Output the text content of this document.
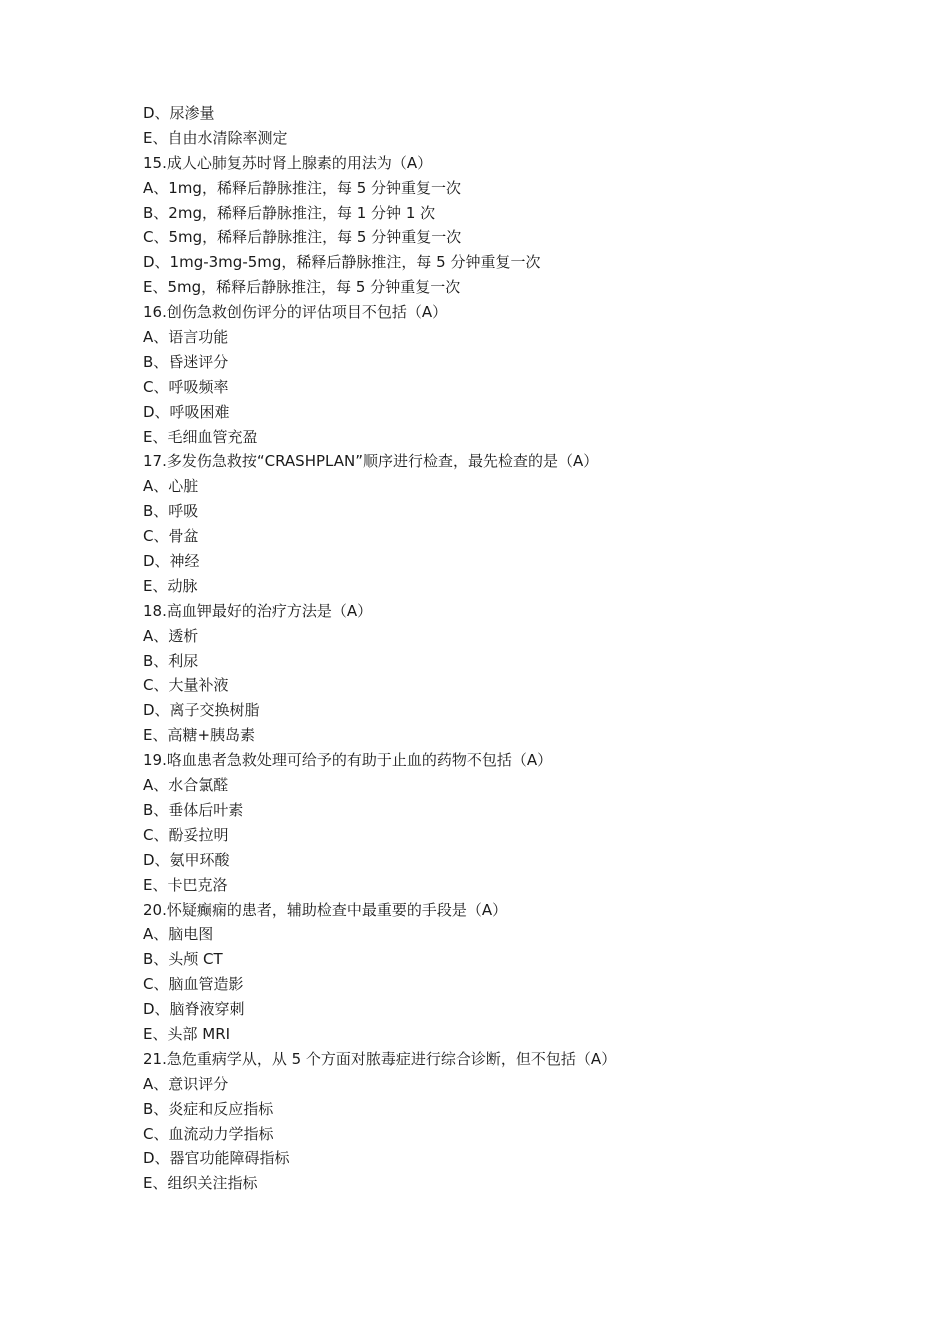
D、尿渗量
E、自由水清除率测定
15.成人心肺复苏时肾上腺素的用法为（A）
A、1mg，稀释后静脉推注，每 5 分钟重复一次
B、2mg，稀释后静脉推注，每 1 分钟 1 次
C、5mg，稀释后静脉推注，每 5 分钟重复一次
D、1mg-3mg-5mg，稀释后静脉推注，每 5 分钟重复一次
E、5mg，稀释后静脉推注，每 5 分钟重复一次
16.创伤急救创伤评分的评估项目不包括（A）
A、语言功能
B、昏迷评分
C、呼吸频率
D、呼吸困难
E、毛细血管充盈
17.多发伤急救按“CRASHPLAN”顺序进行检查，最先检查的是（A）
A、心脏
B、呼吸
C、骨盆
D、神经
E、动脉
18.高血钾最好的治疗方法是（A）
A、透析
B、利尿
C、大量补液
D、离子交换树脂
E、高糖+胰岛素
19.咯血患者急救处理可给予的有助于止血的药物不包括（A）
A、水合氯醛
B、垂体后叶素
C、酚妥拉明
D、氨甲环酸
E、卡巴克洛
20.怀疑癫痫的患者，辅助检查中最重要的手段是（A）
A、脑电图
B、头颅 CT
C、脑血管造影
D、脑脊液穿刺
E、头部 MRI
21.急危重病学从，从 5 个方面对脓毒症进行综合诊断，但不包括（A）
A、意识评分
B、炎症和反应指标
C、血流动力学指标
D、器官功能障碍指标
E、组织关注指标
